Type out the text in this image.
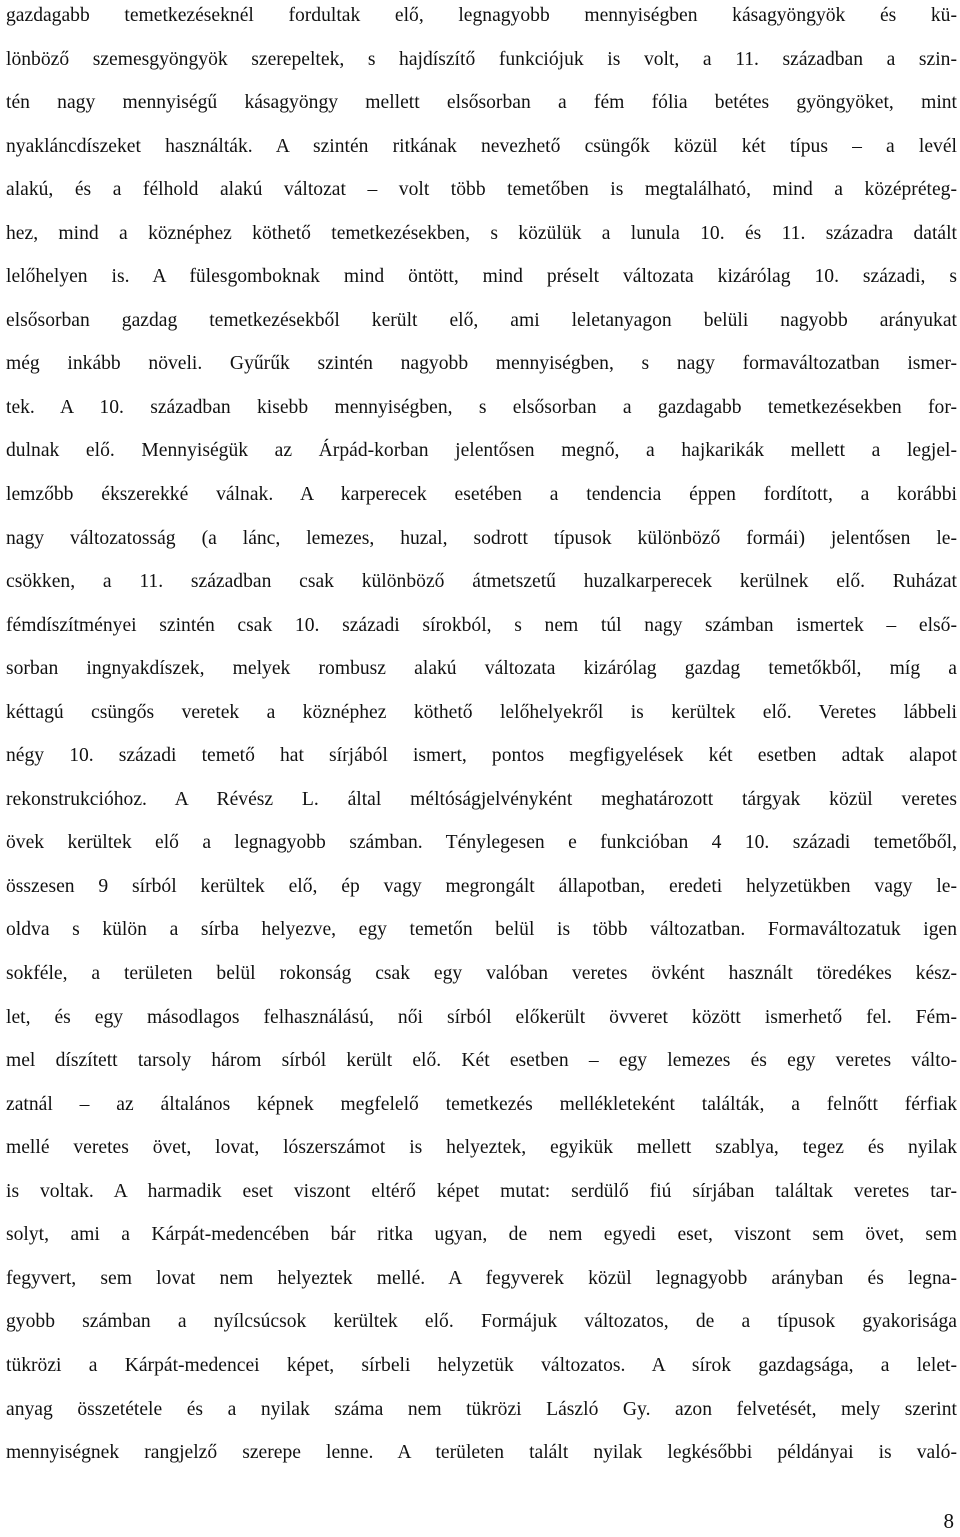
gazdagabb temetkezéseknél fordultak elő, legnagyobb mennyiségben kásagyöngyök és kü-
lönböző szemesgyöngyök szerepeltek, s hajdíszítő funkciójuk is volt, a 11. században a szin-
tén nagy mennyiségű kásagyöngy mellett elsősorban a fém fólia betétes gyöngyöket, mint
nyakláncdíszeket használták. A szintén ritkának nevezhető csüngők közül két típus – a levél
alakú, és a félhold alakú változat – volt több temetőben is megtalálható, mind a középréteg-
hez, mind a köznéphez köthető temetkezésekben, s közülük a lunula 10. és 11. századra datált
lelőhelyen is. A fülesgomboknak mind öntött, mind préselt változata kizárólag 10. századi, s
elsősorban gazdag temetkezésekből került elő, ami leletanyagon belüli nagyobb arányukat
még inkább növeli. Gyűrűk szintén nagyobb mennyiségben, s nagy formaváltozatban ismer-
tek. A 10. században kisebb mennyiségben, s elsősorban a gazdagabb temetkezésekben for-
dulnak elő. Mennyiségük az Árpád-korban jelentősen megnő, a hajkarikák mellett a legjel-
lemzőbb ékszerekké válnak. A karperecek esetében a tendencia éppen fordított, a korábbi
nagy változatosság (a lánc, lemezes, huzal, sodrott típusok különböző formái) jelentősen le-
csökken, a 11. században csak különböző átmetszetű huzalkarperecek kerülnek elő. Ruházat
fémdíszítményei szintén csak 10. századi sírokból, s nem túl nagy számban ismertek – első-
sorban ingnyakdíszek, melyek rombusz alakú változata kizárólag gazdag temetőkből, míg a
kéttagú csüngős veretek a köznéphez köthető lelőhelyekről is kerültek elő. Veretes lábbeli
négy 10. századi temető hat sírjából ismert, pontos megfigyelések két esetben adtak alapot
rekonstrukcióhoz. A Révész L. által méltóságjelvényként meghatározott tárgyak közül veretes
övek kerültek elő a legnagyobb számban. Ténylegesen e funkcióban 4 10. századi temetőből,
összesen 9 sírból kerültek elő, ép vagy megrongált állapotban, eredeti helyzetükben vagy le-
oldva s külön a sírba helyezve, egy temetőn belül is több változatban. Formaváltozatuk igen
sokféle, a területen belül rokonság csak egy valóban veretes övként használt töredékes kész-
let, és egy másodlagos felhasználású, női sírból előkerült övveret között ismerhető fel. Fém-
mel díszített tarsoly három sírból került elő. Két esetben – egy lemezes és egy veretes válto-
zatnál – az általános képnek megfelelő temetkezés mellékleteként találták, a felnőtt férfiak
mellé veretes övet, lovat, lószerszámot is helyeztek, egyikük mellett szablya, tegez és nyilak
is voltak. A harmadik eset viszont eltérő képet mutat: serdülő fiú sírjában találtak veretes tar-
solyt, ami a Kárpát-medencében bár ritka ugyan, de nem egyedi eset, viszont sem övet, sem
fegyvert, sem lovat nem helyeztek mellé. A fegyverek közül legnagyobb arányban és legna-
gyobb számban a nyílcsúcsok kerültek elő. Formájuk változatos, de a típusok gyakorisága
tükrözi a Kárpát-medencei képet, sírbeli helyzetük változatos. A sírok gazdagsága, a lelet-
anyag összetétele és a nyilak száma nem tükrözi László Gy. azon felvetését, mely szerint
mennyiségnek rangjelző szerepe lenne. A területen talált nyilak legkésőbbi példányai is való-
8
